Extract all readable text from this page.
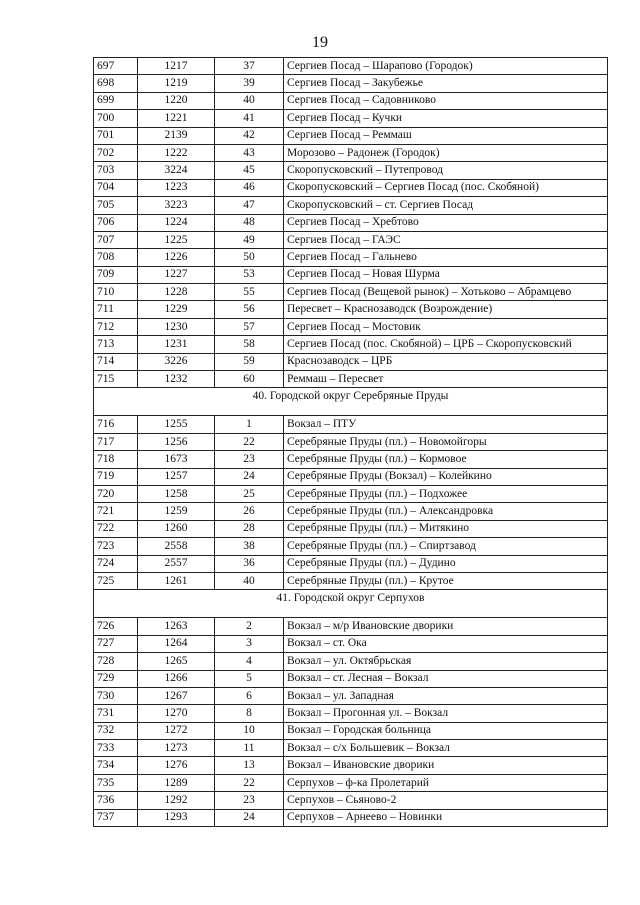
19
697	1217	37	Сергиев Посад – Шарапово (Городок)
698	1219	39	Сергиев Посад – Закубежье
699	1220	40	Сергиев Посад – Садовниково
700	1221	41	Сергиев Посад – Кучки
701	2139	42	Сергиев Посад – Реммаш
702	1222	43	Морозово – Радонеж (Городок)
703	3224	45	Скоропусковский – Путепровод
704	1223	46	Скоропусковский – Сергиев Посад (пос. Скобяной)
705	3223	47	Скоропусковский – ст. Сергиев Посад
706	1224	48	Сергиев Посад – Хребтово
707	1225	49	Сергиев Посад – ГАЭС
708	1226	50	Сергиев Посад – Гальнево
709	1227	53	Сергиев Посад – Новая Шурма
710	1228	55	Сергиев Посад (Вещевой рынок) – Хотьково – Абрамцево
711	1229	56	Пересвет – Краснозаводск (Возрождение)
712	1230	57	Сергиев Посад – Мостовик
713	1231	58	Сергиев Посад (пос. Скобяной) – ЦРБ – Скоропусковский
714	3226	59	Краснозаводск – ЦРБ
715	1232	60	Реммаш – Пересвет
40. Городской округ Серебряные Пруды			
716	1255	1	Вокзал – ПТУ
717	1256	22	Серебряные Пруды (пл.) – Новомойгоры
718	1673	23	Серебряные Пруды (пл.) – Кормовое
719	1257	24	Серебряные Пруды (Вокзал) – Колейкино
720	1258	25	Серебряные Пруды (пл.) – Подхожее
721	1259	26	Серебряные Пруды (пл.) – Александровка
722	1260	28	Серебряные Пруды (пл.) – Митякино
723	2558	38	Серебряные Пруды (пл.) – Спиртзавод
724	2557	36	Серебряные Пруды (пл.) – Дудино
725	1261	40	Серебряные Пруды (пл.) – Крутое
41. Городской округ Серпухов			
726	1263	2	Вокзал – м/р Ивановские дворики
727	1264	3	Вокзал – ст. Ока
728	1265	4	Вокзал – ул. Октябрьская
729	1266	5	Вокзал – ст. Лесная – Вокзал
730	1267	6	Вокзал – ул. Западная
731	1270	8	Вокзал – Прогонная ул. – Вокзал
732	1272	10	Вокзал – Городская больница
733	1273	11	Вокзал – с/х Большевик – Вокзал
734	1276	13	Вокзал – Ивановские дворики
735	1289	22	Серпухов – ф-ка Пролетарий
736	1292	23	Серпухов – Сьяново-2
737	1293	24	Серпухов – Арнеево – Новинки
